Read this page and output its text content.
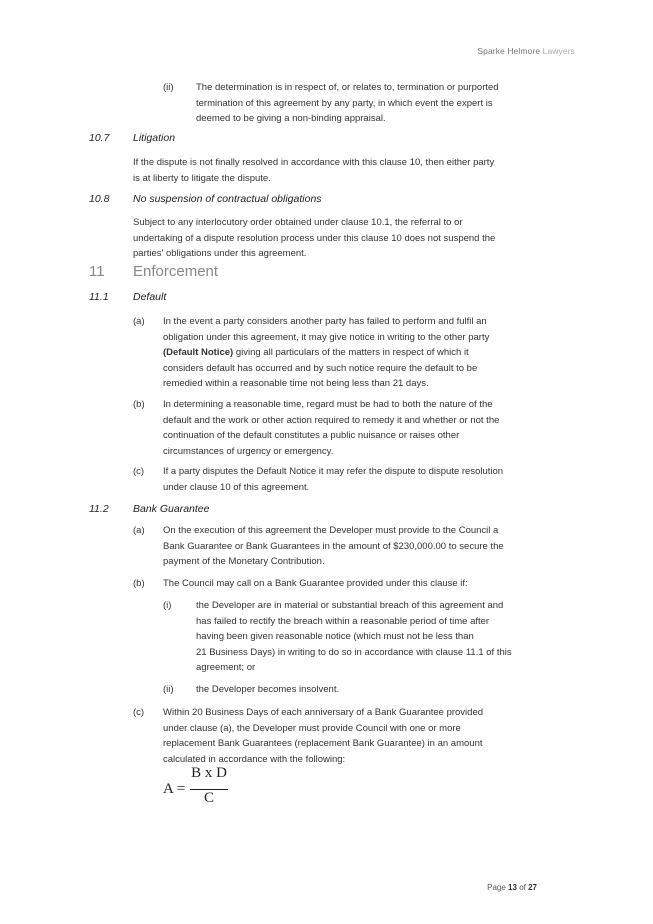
Sparke Helmore Lawyers
(ii) The determination is in respect of, or relates to, termination or purported
termination of this agreement by any party, in which event the expert is
deemed to be giving a non-binding appraisal.
10.7 Litigation
If the dispute is not finally resolved in accordance with this clause 10, then either party
is at liberty to litigate the dispute.
10.8 No suspension of contractual obligations
Subject to any interlocutory order obtained under clause 10.1, the referral to or
undertaking of a dispute resolution process under this clause 10 does not suspend the
parties' obligations under this agreement.
11 Enforcement
11.1 Default
(a) In the event a party considers another party has failed to perform and fulfil an
obligation under this agreement, it may give notice in writing to the other party
(Default Notice) giving all particulars of the matters in respect of which it
considers default has occurred and by such notice require the default to be
remedied within a reasonable time not being less than 21 days.
(b) In determining a reasonable time, regard must be had to both the nature of the
default and the work or other action required to remedy it and whether or not the
continuation of the default constitutes a public nuisance or raises other
circumstances of urgency or emergency.
(c) If a party disputes the Default Notice it may refer the dispute to dispute resolution
under clause 10 of this agreement.
11.2 Bank Guarantee
(a) On the execution of this agreement the Developer must provide to the Council a
Bank Guarantee or Bank Guarantees in the amount of $230,000.00 to secure the
payment of the Monetary Contribution.
(b) The Council may call on a Bank Guarantee provided under this clause if:
(i)	the Developer are in material or substantial breach of this agreement and
has failed to rectify the breach within a reasonable period of time after
having been given reasonable notice (which must not be less than
21 Business Days) in writing to do so in accordance with clause 11.1 of this
agreement; or
(ii) the Developer becomes insolvent.
(c) Within 20 Business Days of each anniversary of a Bank Guarantee provided
under clause (a), the Developer must provide Council with one or more
replacement Bank Guarantees (replacement Bank Guarantee) in an amount
calculated in accordance with the following:
A =
B x D
C
Page 13 of 27
